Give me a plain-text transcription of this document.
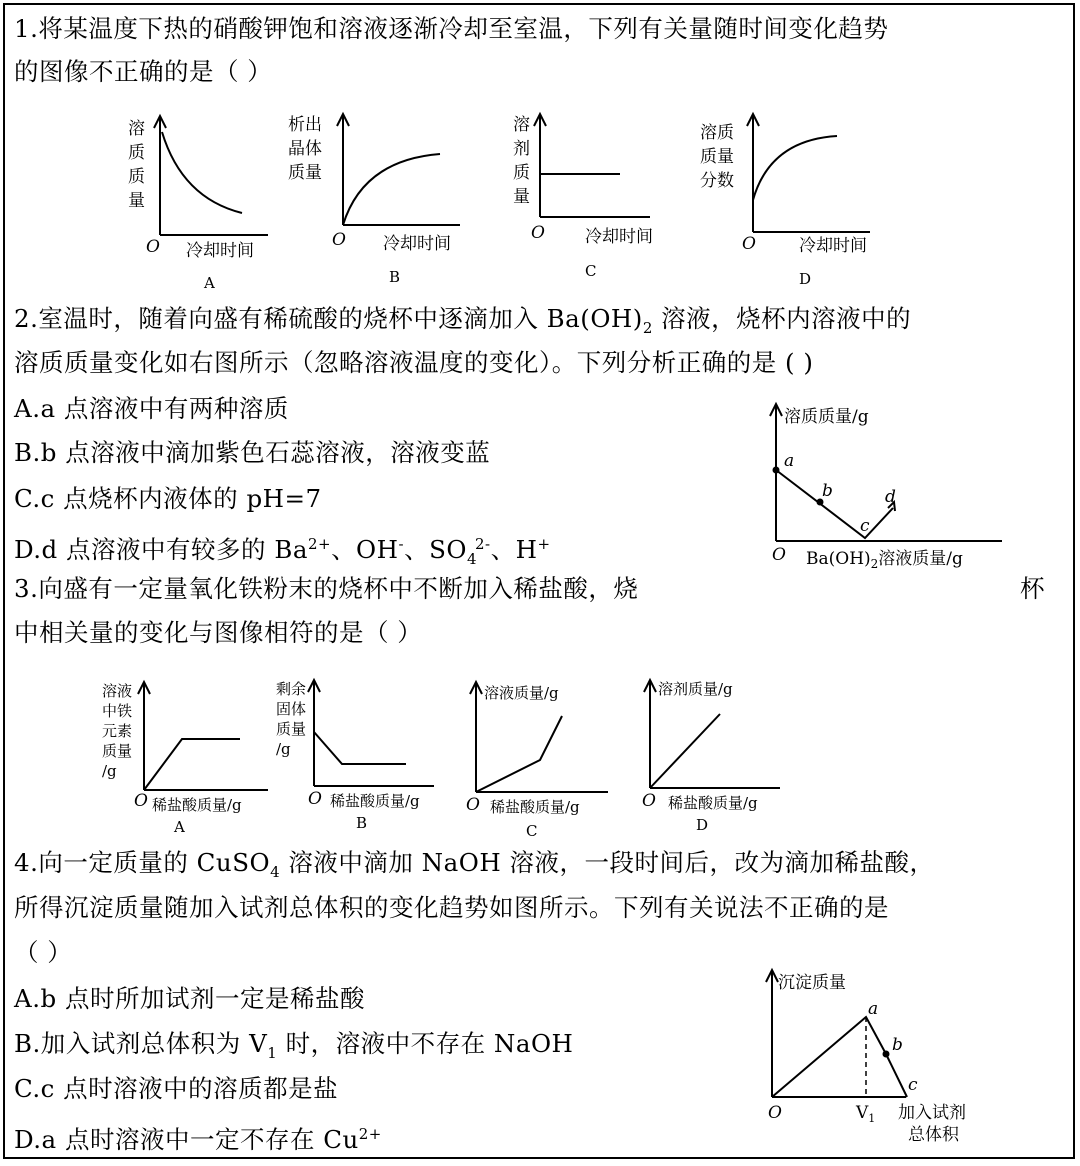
1.将某温度下热的硝酸钾饱和溶液逐渐冷却至室温，下列有关量随时间变化趋势
的图像不正确的是（ ）
溶
质
质
量
O 冷却时间
A
析出
晶体
质量
O 冷却时间
B
溶
剂
质
量
O 冷却时间
C
溶质
质量
分数
O	冷却时间
D
2.室温时，随着向盛有稀硫酸的烧杯中逐滴加入 $Ba(OH)_2$ 溶液，烧杯内溶液中的
溶质质量变化如右图所示（忽略溶液温度的变化）。下列分析正确的是 ( )
A.a 点溶液中有两种溶质
B.b 点溶液中滴加紫色石蕊溶液，溶液变蓝
C.c 点烧杯内液体的 pH=7
D.d 点溶液中有较多的 $Ba^{2+}$、OH-、$SO_4^{2-}$、H+
溶质质量/g
a
b
c
d
O $Ba(OH)_2$溶液质量/g
3.向盛有一定量氧化铁粉末的烧杯中不断加入稀盐酸，烧	杯
中相关量的变化与图像相符的是（ ）
溶液
中铁
元素
质量
/g
O 稀盐酸质量/g
A
剩余
固体
质量
/g
O 稀盐酸质量/g
B
溶液质量/g
O 稀盐酸质量/g
C
溶剂质量/g
O 稀盐酸质量/g
D
4.向一定质量的 CuSO$_4$ 溶液中滴加 NaOH 溶液，一段时间后，改为滴加稀盐酸，
所得沉淀质量随加入试剂总体积的变化趋势如图所示。下列有关说法不正确的是
（ ）
A.b 点时所加试剂一定是稀盐酸
B.加入试剂总体积为 $V_1$ 时，溶液中不存在 NaOH
C.c 点时溶液中的溶质都是盐
D.a 点时溶液中一定不存在 $Cu^{2+}$
沉淀质量
a
b
c
O	$V_1$ 加入试剂
总体积
